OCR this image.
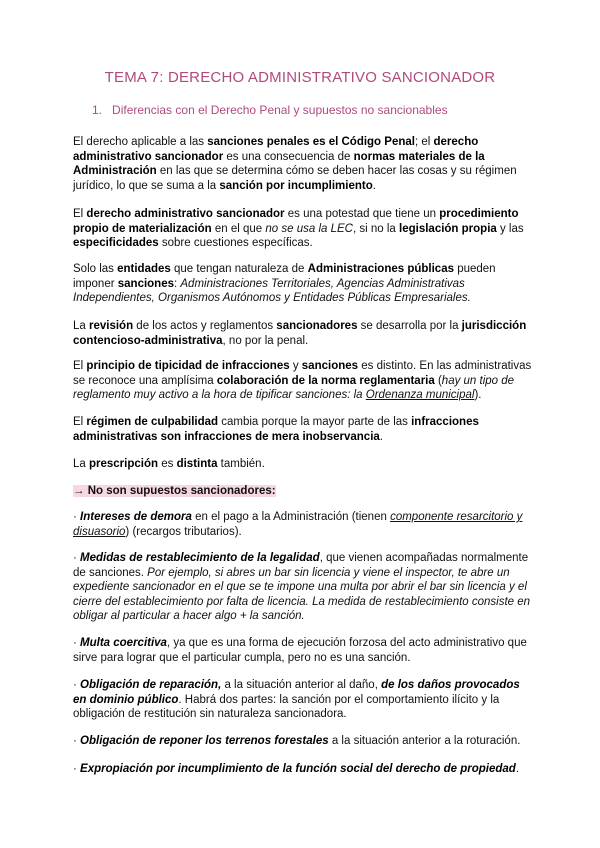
TEMA 7: DERECHO ADMINISTRATIVO SANCIONADOR
1. Diferencias con el Derecho Penal y supuestos no sancionables
El derecho aplicable a las sanciones penales es el Código Penal; el derecho administrativo sancionador es una consecuencia de normas materiales de la Administración en las que se determina cómo se deben hacer las cosas y su régimen jurídico, lo que se suma a la sanción por incumplimiento.
El derecho administrativo sancionador es una potestad que tiene un procedimiento propio de materialización en el que no se usa la LEC, si no la legislación propia y las especificidades sobre cuestiones específicas.
Solo las entidades que tengan naturaleza de Administraciones públicas pueden imponer sanciones: Administraciones Territoriales, Agencias Administrativas Independientes, Organismos Autónomos y Entidades Públicas Empresariales.
La revisión de los actos y reglamentos sancionadores se desarrolla por la jurisdicción contencioso-administrativa, no por la penal.
El principio de tipicidad de infracciones y sanciones es distinto. En las administrativas se reconoce una amplísima colaboración de la norma reglamentaria (hay un tipo de reglamento muy activo a la hora de tipificar sanciones: la Ordenanza municipal).
El régimen de culpabilidad cambia porque la mayor parte de las infracciones administrativas son infracciones de mera inobservancia.
La prescripción es distinta también.
→ No son supuestos sancionadores:
· Intereses de demora en el pago a la Administración (tienen componente resarcitorio y disuasorio) (recargos tributarios).
· Medidas de restablecimiento de la legalidad, que vienen acompañadas normalmente de sanciones. Por ejemplo, si abres un bar sin licencia y viene el inspector, te abre un expediente sancionador en el que se te impone una multa por abrir el bar sin licencia y el cierre del establecimiento por falta de licencia. La medida de restablecimiento consiste en obligar al particular a hacer algo + la sanción.
· Multa coercitiva, ya que es una forma de ejecución forzosa del acto administrativo que sirve para lograr que el particular cumpla, pero no es una sanción.
· Obligación de reparación, a la situación anterior al daño, de los daños provocados en dominio público. Habrá dos partes: la sanción por el comportamiento ilícito y la obligación de restitución sin naturaleza sancionadora.
· Obligación de reponer los terrenos forestales a la situación anterior a la roturación.
· Expropiación por incumplimiento de la función social del derecho de propiedad.
